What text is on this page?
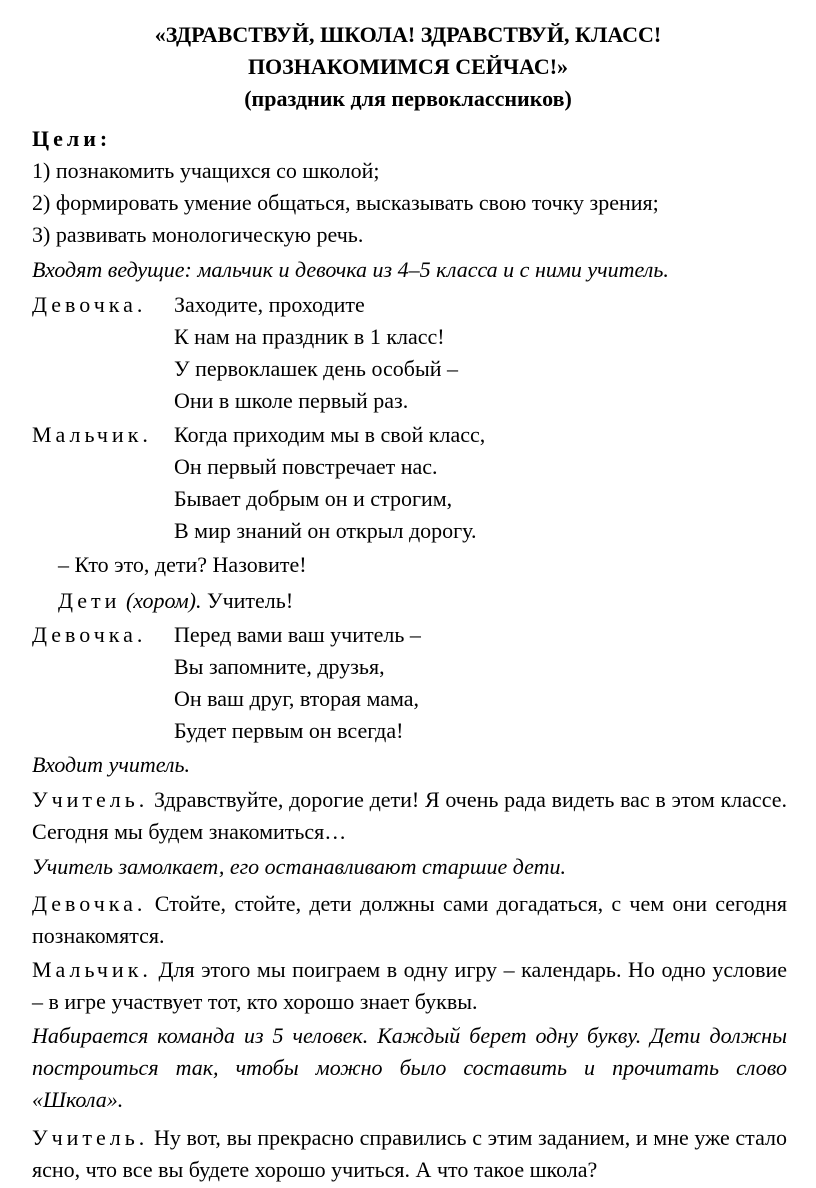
«ЗДРАВСТВУЙ, ШКОЛА! ЗДРАВСТВУЙ, КЛАСС!
ПОЗНАКОМИМСЯ СЕЙЧАС!»
(праздник для первоклассников)
Цели:
1) познакомить учащихся со школой;
2) формировать умение общаться, высказывать свою точку зрения;
3) развивать монологическую речь.
Входят ведущие: мальчик и девочка из 4–5 класса и с ними учитель.
Девочка. Заходите, проходите
К нам на праздник в 1 класс!
У первоклашек день особый –
Они в школе первый раз.
Мальчик. Когда приходим мы в свой класс,
Он первый повстречает нас.
Бывает добрым он и строгим,
В мир знаний он открыл дорогу.
– Кто это, дети? Назовите!
Дети (хором). Учитель!
Девочка. Перед вами ваш учитель –
Вы запомните, друзья,
Он ваш друг, вторая мама,
Будет первым он всегда!
Входит учитель.
Учитель. Здравствуйте, дорогие дети! Я очень рада видеть вас в этом классе. Сегодня мы будем знакомиться…
Учитель замолкает, его останавливают старшие дети.
Девочка. Стойте, стойте, дети должны сами догадаться, с чем они сегодня познакомятся.
Мальчик. Для этого мы поиграем в одну игру – календарь. Но одно условие – в игре участвует тот, кто хорошо знает буквы.
Набирается команда из 5 человек. Каждый берет одну букву. Дети должны построиться так, чтобы можно было составить и прочитать слово «Школа».
Учитель. Ну вот, вы прекрасно справились с этим заданием, и мне уже стало ясно, что все вы будете хорошо учиться. А что такое школа?
